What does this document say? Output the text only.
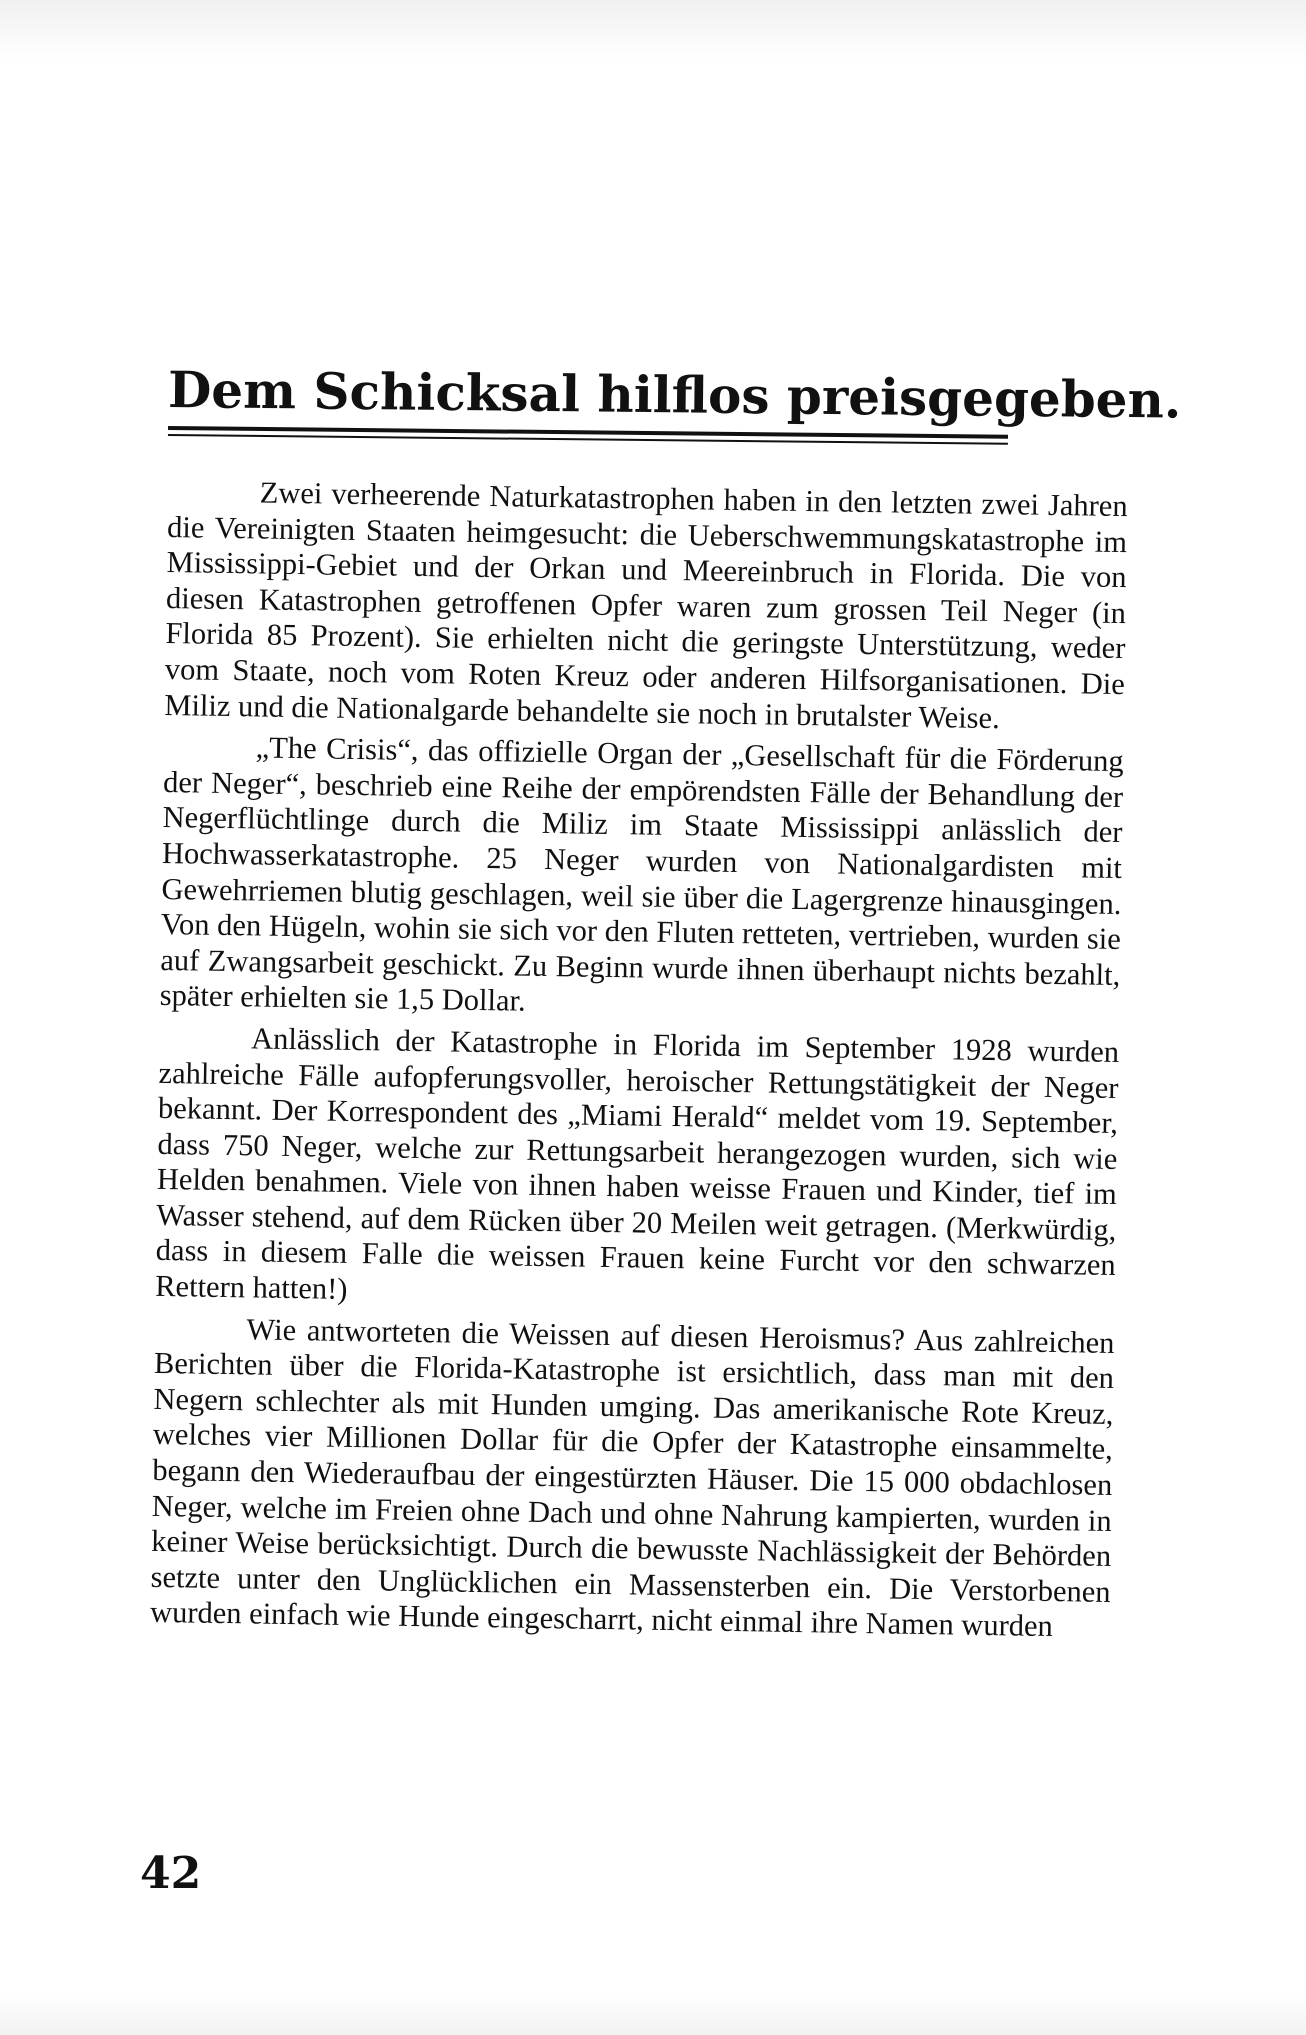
Dem Schicksal hilflos preisgegeben.

Zwei verheerende Naturkatastrophen haben in den letzten zwei Jahren die Vereinigten Staaten heimgesucht: die Ueberschwemmungskatastrophe im Mississippi-Gebiet und der Orkan und Meereinbruch in Florida. Die von diesen Katastrophen getroffenen Opfer waren zum grossen Teil Neger (in Florida 85 Prozent). Sie erhielten nicht die geringste Unterstützung, weder vom Staate, noch vom Roten Kreuz oder anderen Hilfsorganisationen. Die Miliz und die Nationalgarde behandelte sie noch in brutalster Weise.

„The Crisis“, das offizielle Organ der „Gesellschaft für die Förderung der Neger“, beschrieb eine Reihe der empörendsten Fälle der Behandlung der Negerflüchtlinge durch die Miliz im Staate Mississippi anlässlich der Hochwasserkatastrophe. 25 Neger wurden von Nationalgardisten mit Gewehrriemen blutig geschlagen, weil sie über die Lagergrenze hinausgingen. Von den Hügeln, wohin sie sich vor den Fluten retteten, vertrieben, wurden sie auf Zwangsarbeit geschickt. Zu Beginn wurde ihnen überhaupt nichts bezahlt, später erhielten sie 1,5 Dollar.

Anlässlich der Katastrophe in Florida im September 1928 wurden zahlreiche Fälle aufopferungsvoller, heroischer Rettungstätigkeit der Neger bekannt. Der Korrespondent des „Miami Herald“ meldet vom 19. September, dass 750 Neger, welche zur Rettungsarbeit herangezogen wurden, sich wie Helden benahmen. Viele von ihnen haben weisse Frauen und Kinder, tief im Wasser stehend, auf dem Rücken über 20 Meilen weit getragen. (Merkwürdig, dass in diesem Falle die weissen Frauen keine Furcht vor den schwarzen Rettern hatten!)

Wie antworteten die Weissen auf diesen Heroismus? Aus zahlreichen Berichten über die Florida-Katastrophe ist ersichtlich, dass man mit den Negern schlechter als mit Hunden umging. Das amerikanische Rote Kreuz, welches vier Millionen Dollar für die Opfer der Katastrophe einsammelte, begann den Wiederaufbau der eingestürzten Häuser. Die 15 000 obdachlosen Neger, welche im Freien ohne Dach und ohne Nahrung kampierten, wurden in keiner Weise berücksichtigt. Durch die bewusste Nachlässigkeit der Behörden setzte unter den Unglücklichen ein Massensterben ein. Die Verstorbenen wurden einfach wie Hunde eingescharrt, nicht einmal ihre Namen wurden

42
